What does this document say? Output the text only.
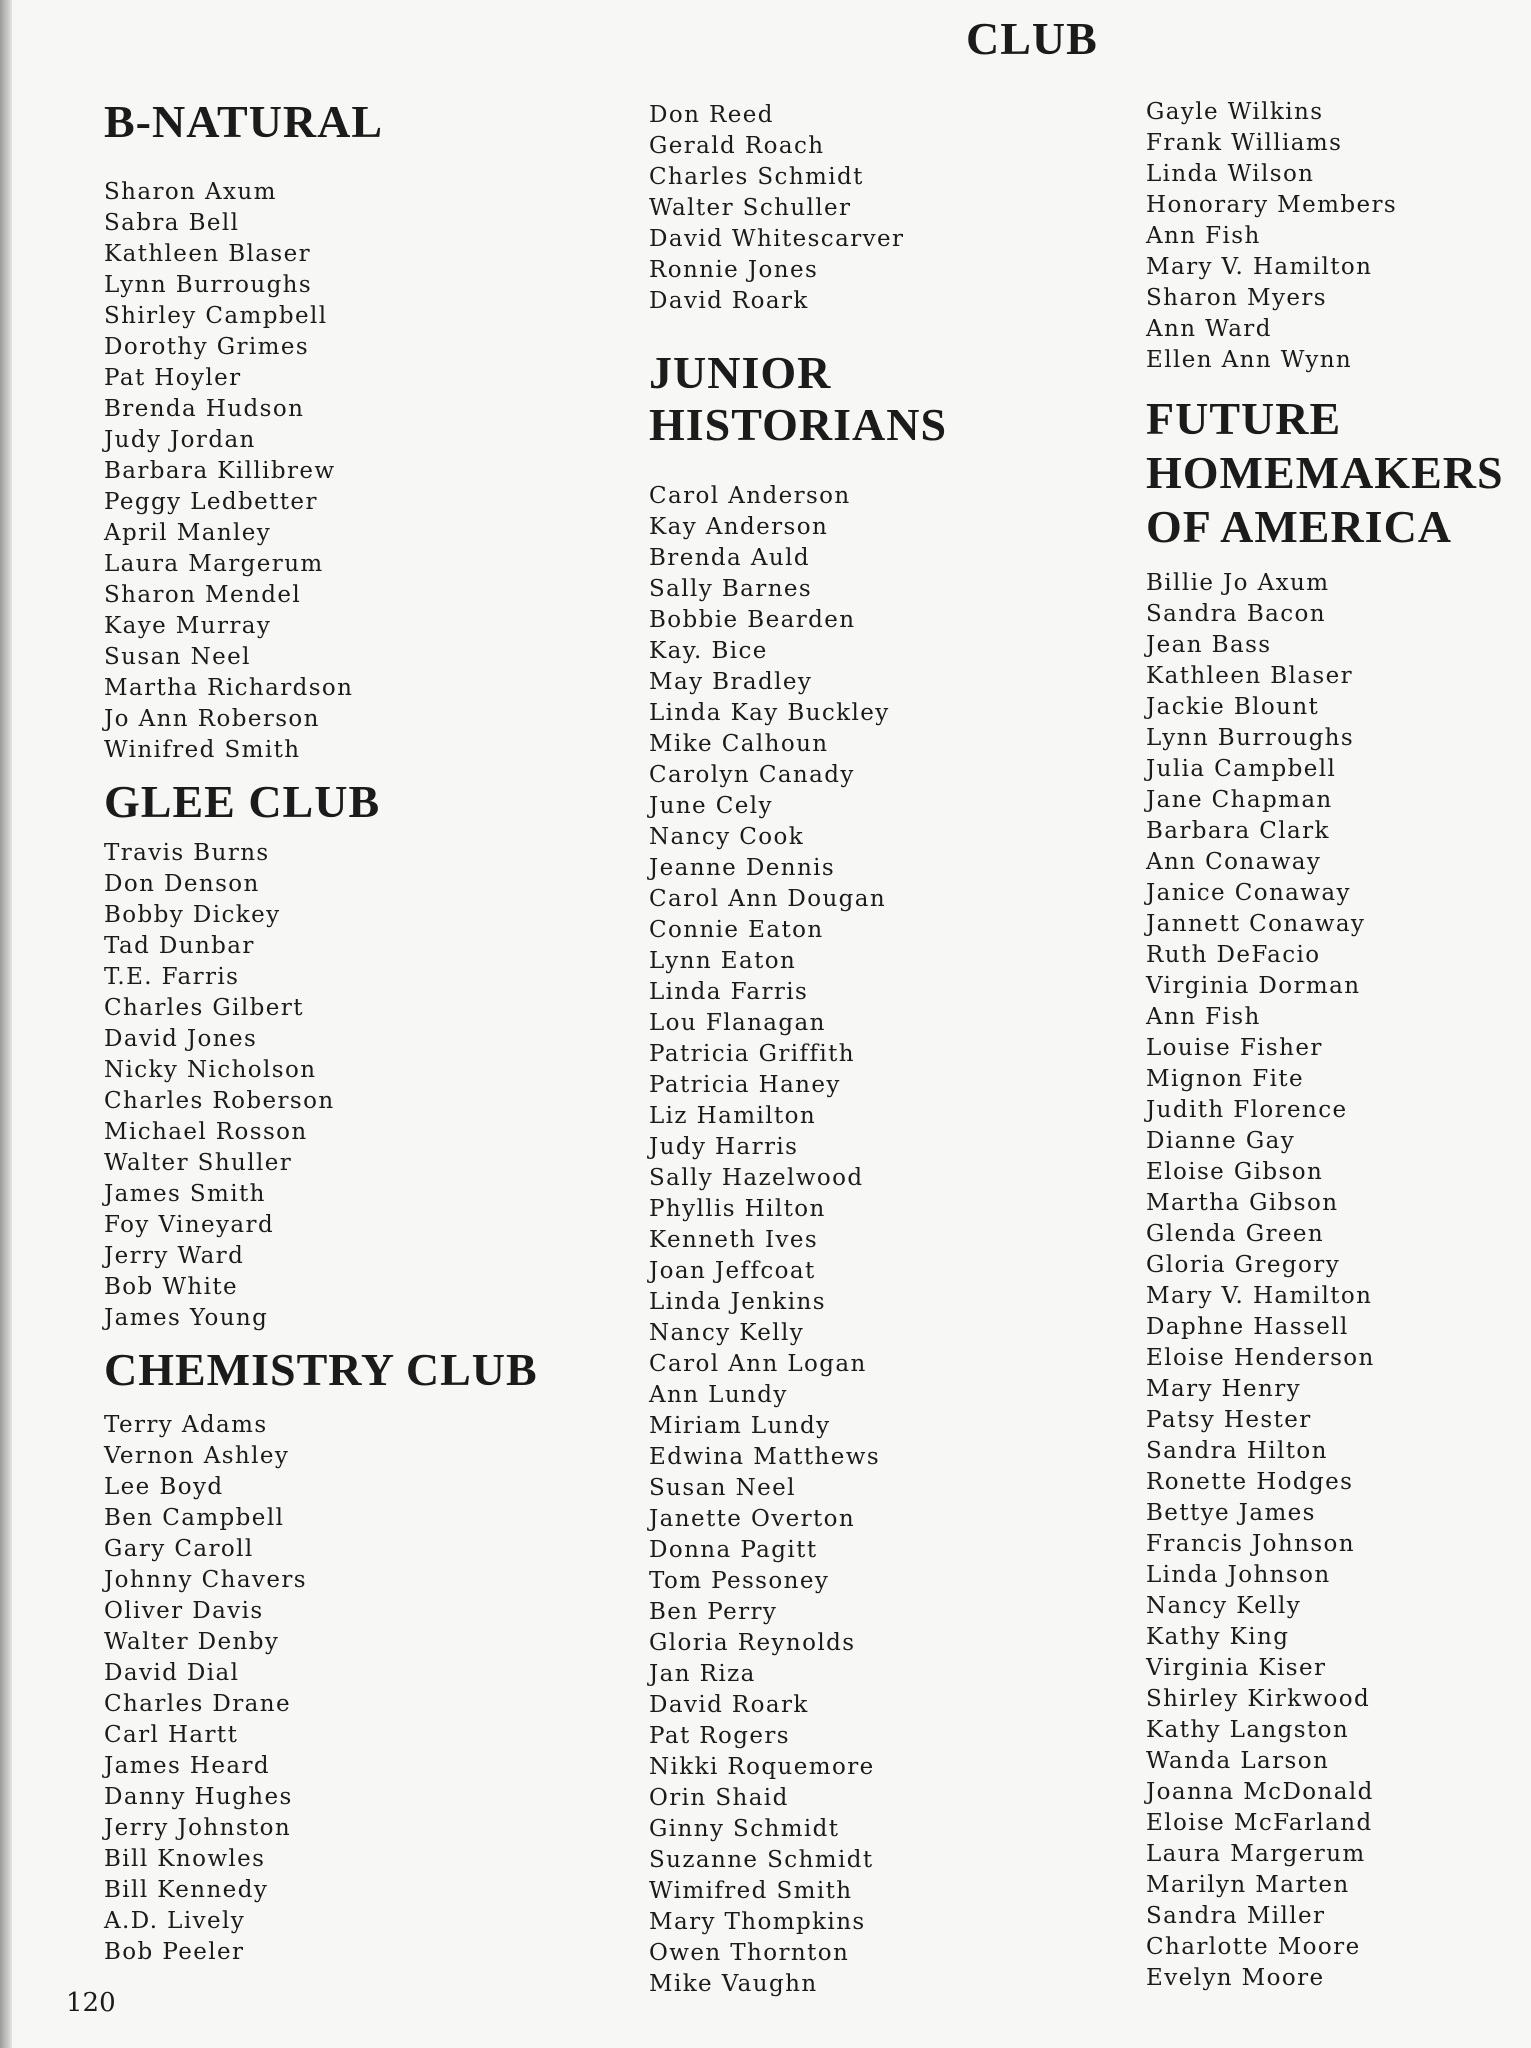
CLUB
B-NATURAL
Sharon Axum
Sabra Bell
Kathleen Blaser
Lynn Burroughs
Shirley Campbell
Dorothy Grimes
Pat Hoyler
Brenda Hudson
Judy Jordan
Barbara Killibrew
Peggy Ledbetter
April Manley
Laura Margerum
Sharon Mendel
Kaye Murray
Susan Neel
Martha Richardson
Jo Ann Roberson
Winifred Smith
GLEE CLUB
Travis Burns
Don Denson
Bobby Dickey
Tad Dunbar
T.E. Farris
Charles Gilbert
David Jones
Nicky Nicholson
Charles Roberson
Michael Rosson
Walter Shuller
James Smith
Foy Vineyard
Jerry Ward
Bob White
James Young
CHEMISTRY CLUB
Terry Adams
Vernon Ashley
Lee Boyd
Ben Campbell
Gary Caroll
Johnny Chavers
Oliver Davis
Walter Denby
David Dial
Charles Drane
Carl Hartt
James Heard
Danny Hughes
Jerry Johnston
Bill Knowles
Bill Kennedy
A.D. Lively
Bob Peeler
Don Reed
Gerald Roach
Charles Schmidt
Walter Schuller
David Whitescarver
Ronnie Jones
David Roark
JUNIOR
HISTORIANS
Carol Anderson
Kay Anderson
Brenda Auld
Sally Barnes
Bobbie Bearden
Kay. Bice
May Bradley
Linda Kay Buckley
Mike Calhoun
Carolyn Canady
June Cely
Nancy Cook
Jeanne Dennis
Carol Ann Dougan
Connie Eaton
Lynn Eaton
Linda Farris
Lou Flanagan
Patricia Griffith
Patricia Haney
Liz Hamilton
Judy Harris
Sally Hazelwood
Phyllis Hilton
Kenneth Ives
Joan Jeffcoat
Linda Jenkins
Nancy Kelly
Carol Ann Logan
Ann Lundy
Miriam Lundy
Edwina Matthews
Susan Neel
Janette Overton
Donna Pagitt
Tom Pessoney
Ben Perry
Gloria Reynolds
Jan Riza
David Roark
Pat Rogers
Nikki Roquemore
Orin Shaid
Ginny Schmidt
Suzanne Schmidt
Wimifred Smith
Mary Thompkins
Owen Thornton
Mike Vaughn
Gayle Wilkins
Frank Williams
Linda Wilson
Honorary Members
Ann Fish
Mary V. Hamilton
Sharon Myers
Ann Ward
Ellen Ann Wynn
FUTURE
HOMEMAKERS
OF AMERICA
Billie Jo Axum
Sandra Bacon
Jean Bass
Kathleen Blaser
Jackie Blount
Lynn Burroughs
Julia Campbell
Jane Chapman
Barbara Clark
Ann Conaway
Janice Conaway
Jannett Conaway
Ruth DeFacio
Virginia Dorman
Ann Fish
Louise Fisher
Mignon Fite
Judith Florence
Dianne Gay
Eloise Gibson
Martha Gibson
Glenda Green
Gloria Gregory
Mary V. Hamilton
Daphne Hassell
Eloise Henderson
Mary Henry
Patsy Hester
Sandra Hilton
Ronette Hodges
Bettye James
Francis Johnson
Linda Johnson
Nancy Kelly
Kathy King
Virginia Kiser
Shirley Kirkwood
Kathy Langston
Wanda Larson
Joanna McDonald
Eloise McFarland
Laura Margerum
Marilyn Marten
Sandra Miller
Charlotte Moore
Evelyn Moore
120
